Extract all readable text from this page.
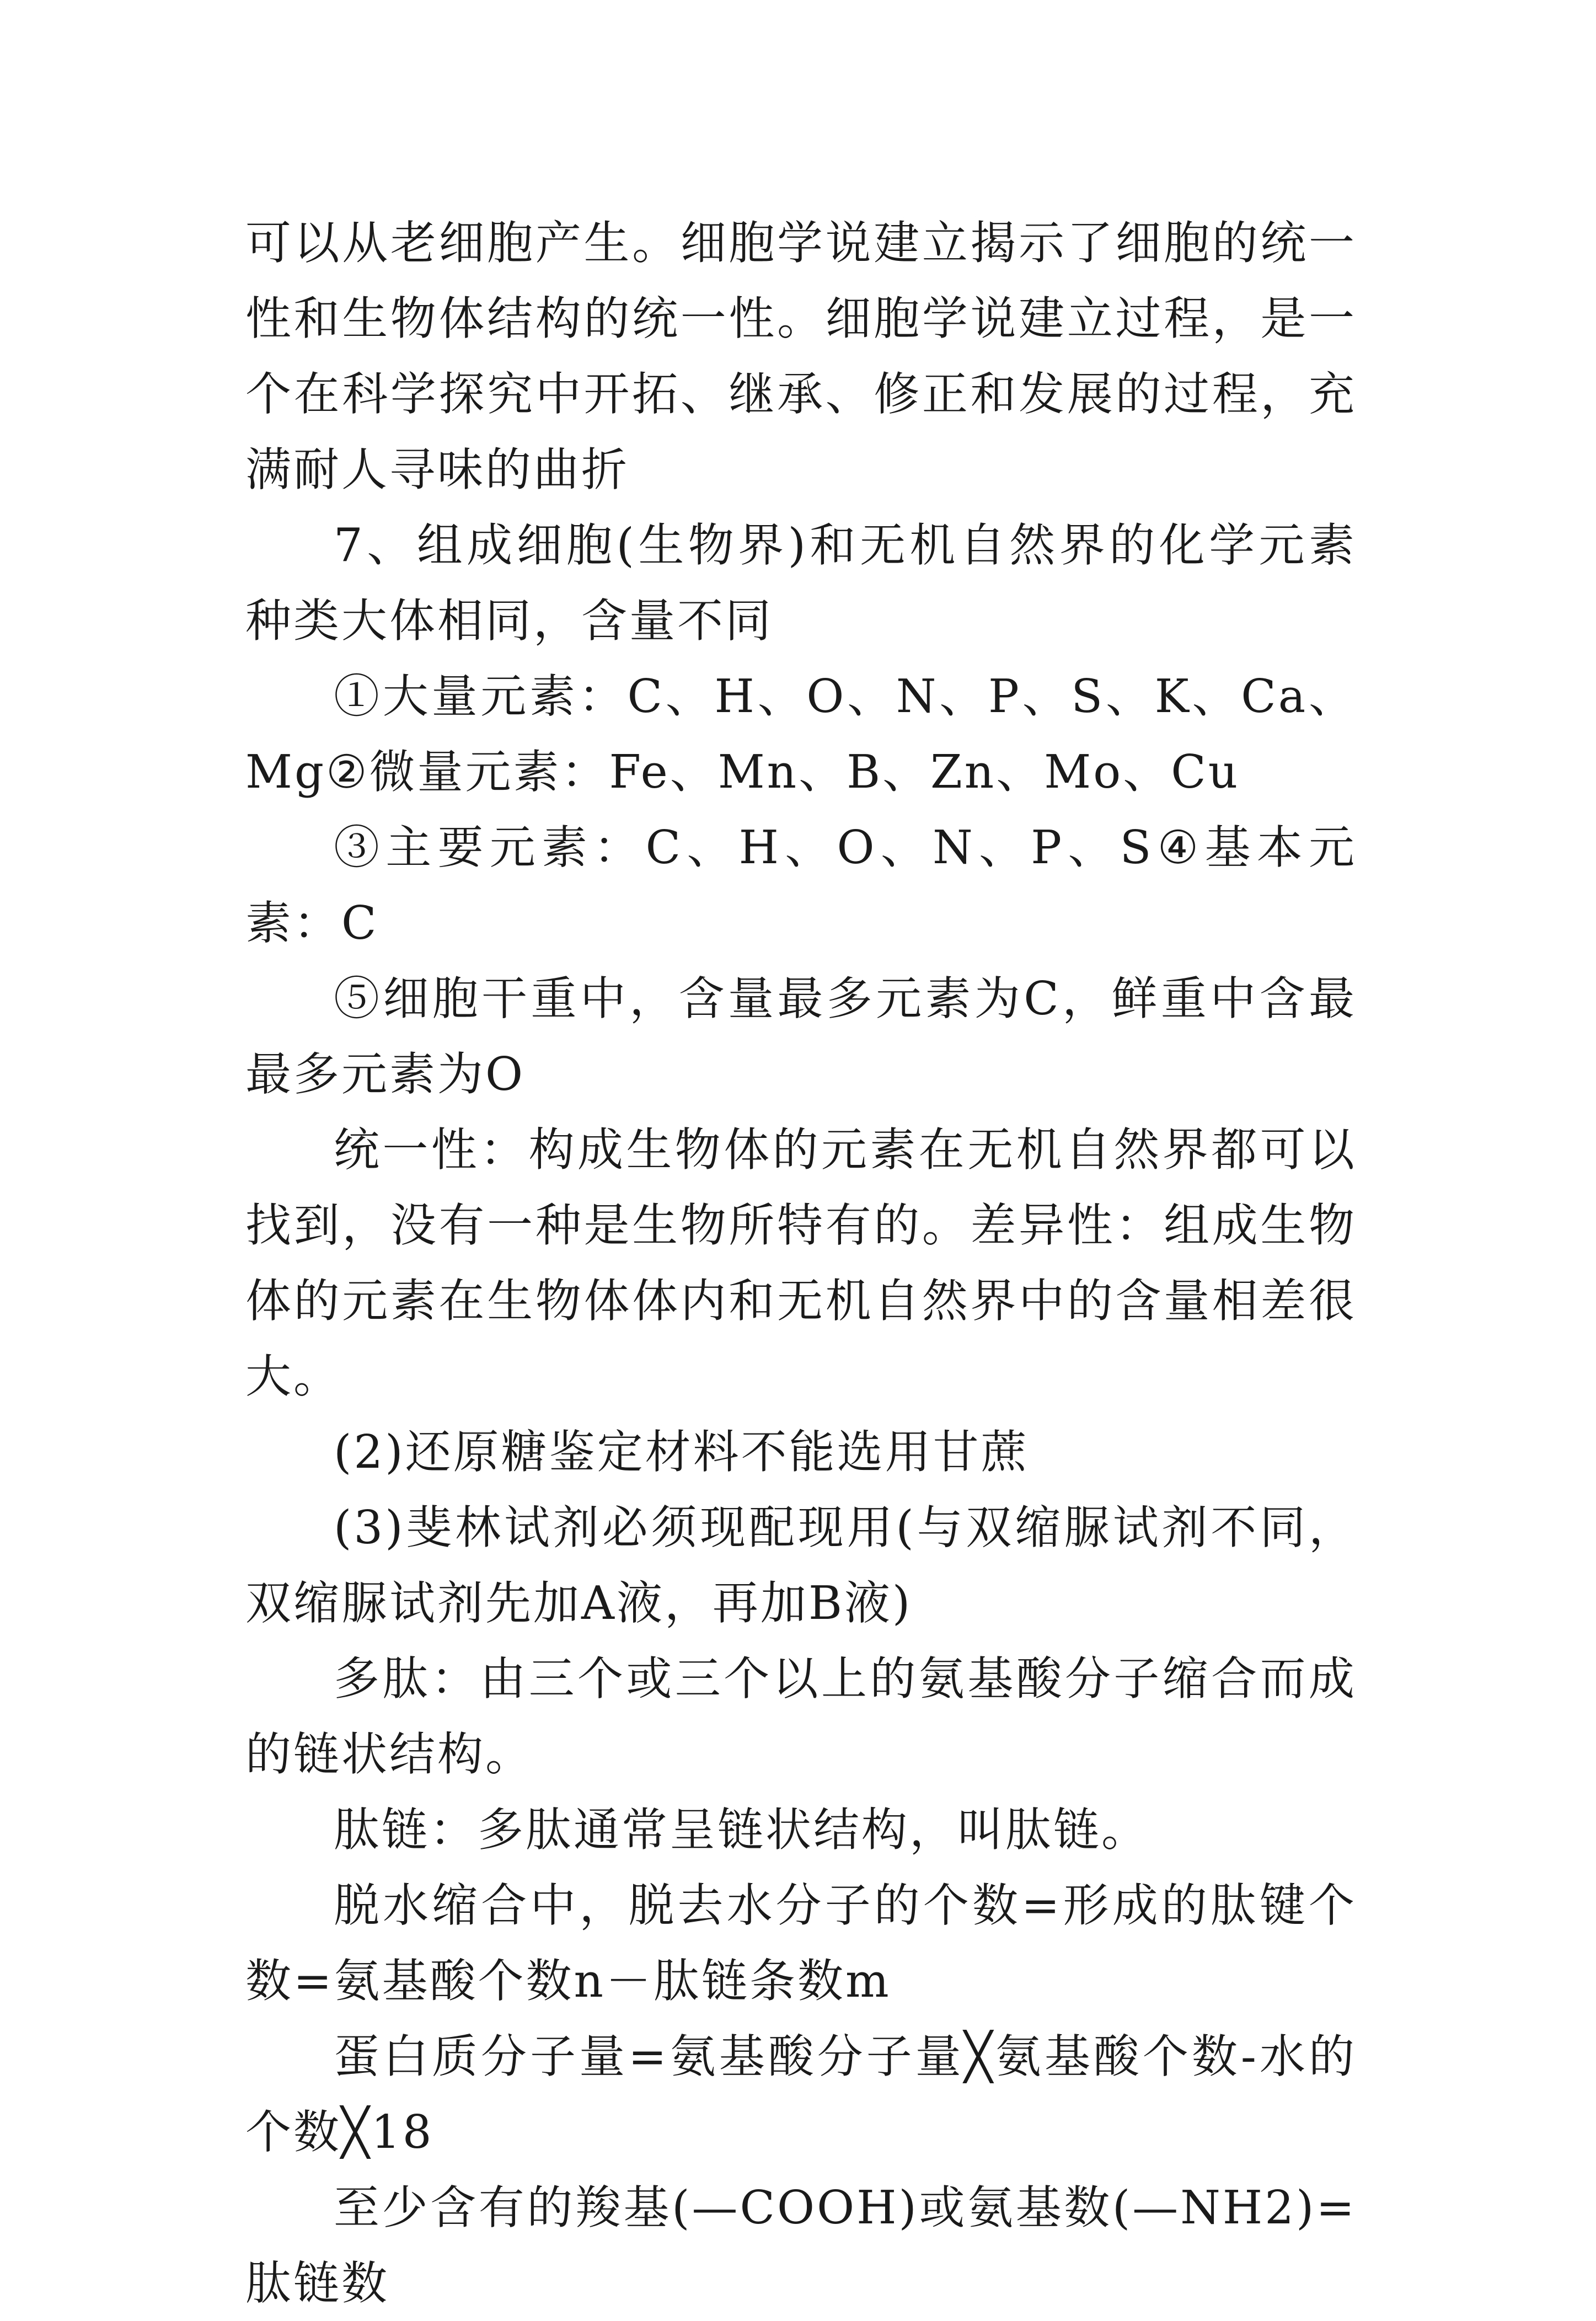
可以从老细胞产生。细胞学说建立揭示了细胞的统一性和生物体结构的统一性。细胞学说建立过程，是一个在科学探究中开拓、继承、修正和发展的过程，充满耐人寻味的曲折

7、组成细胞(生物界)和无机自然界的化学元素种类大体相同，含量不同

①大量元素：C、H、O、N、P、S、K、Ca、Mg②微量元素：Fe、Mn、B、Zn、Mo、Cu

③主要元素：C、H、O、N、P、S④基本元素：C

⑤细胞干重中，含量最多元素为C，鲜重中含最最多元素为O

统一性：构成生物体的元素在无机自然界都可以找到，没有一种是生物所特有的。差异性：组成生物体的元素在生物体体内和无机自然界中的含量相差很大。

(2)还原糖鉴定材料不能选用甘蔗

(3)斐林试剂必须现配现用(与双缩脲试剂不同，双缩脲试剂先加A液，再加B液)

多肽：由三个或三个以上的氨基酸分子缩合而成的链状结构。

肽链：多肽通常呈链状结构，叫肽链。

脱水缩合中，脱去水分子的个数=形成的肽键个数=氨基酸个数n－肽链条数m

蛋白质分子量=氨基酸分子量╳氨基酸个数-水的个数╳18

至少含有的羧基(—COOH)或氨基数(—NH2)=肽链数
